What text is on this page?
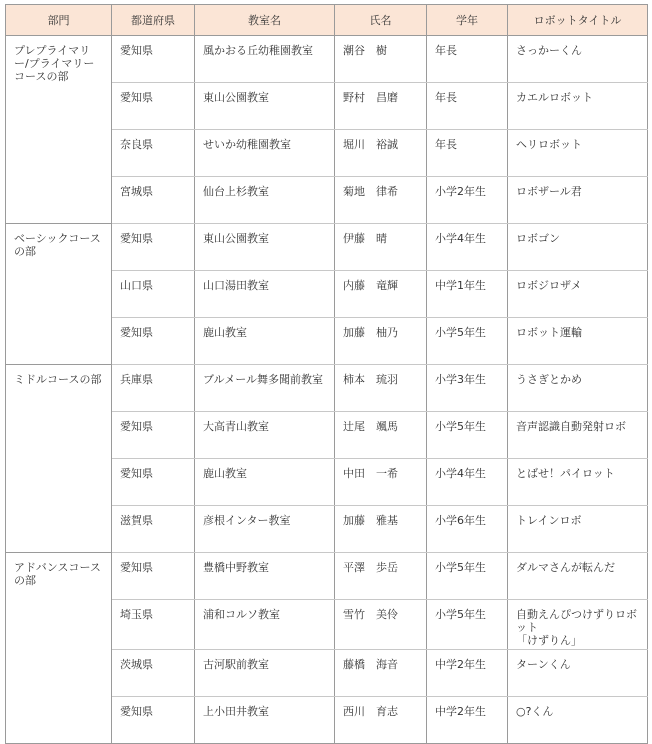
部門	都道府県	教室名	氏名	学年	ロボットタイトル
プレプライマリー/プライマリーコースの部	愛知県	風かおる丘幼稚園教室	潮谷　樹	年長	さっかーくん
	愛知県	東山公園教室	野村　昌磨	年長	カエルロボット
	奈良県	せいか幼稚園教室	堀川　裕誠	年長	ヘリロボット
	宮城県	仙台上杉教室	菊地　律希	小学2年生	ロボザール君
ベーシックコースの部	愛知県	東山公園教室	伊藤　晴	小学4年生	ロボゴン
	山口県	山口湯田教室	内藤　竜輝	中学1年生	ロボジロザメ
	愛知県	鹿山教室	加藤　柚乃	小学5年生	ロボット運輸
ミドルコースの部	兵庫県	ブルメール舞多聞前教室	柿本　琉羽	小学3年生	うさぎとかめ
	愛知県	大高青山教室	辻尾　颯馬	小学5年生	音声認識自動発射ロボ
	愛知県	鹿山教室	中田　一希	小学4年生	とばせ！パイロット
	滋賀県	彦根インター教室	加藤　雅基	小学6年生	トレインロボ
アドバンスコースの部	愛知県	豊橋中野教室	平澤　歩岳	小学5年生	ダルマさんが転んだ
	埼玉県	浦和コルソ教室	雪竹　美伶	小学5年生	自動えんぴつけずりロボット
「けずりん」

	茨城県	古河駅前教室	藤橋　海音	中学2年生	ターンくん
	愛知県	上小田井教室	西川　育志	中学2年生	○?くん
